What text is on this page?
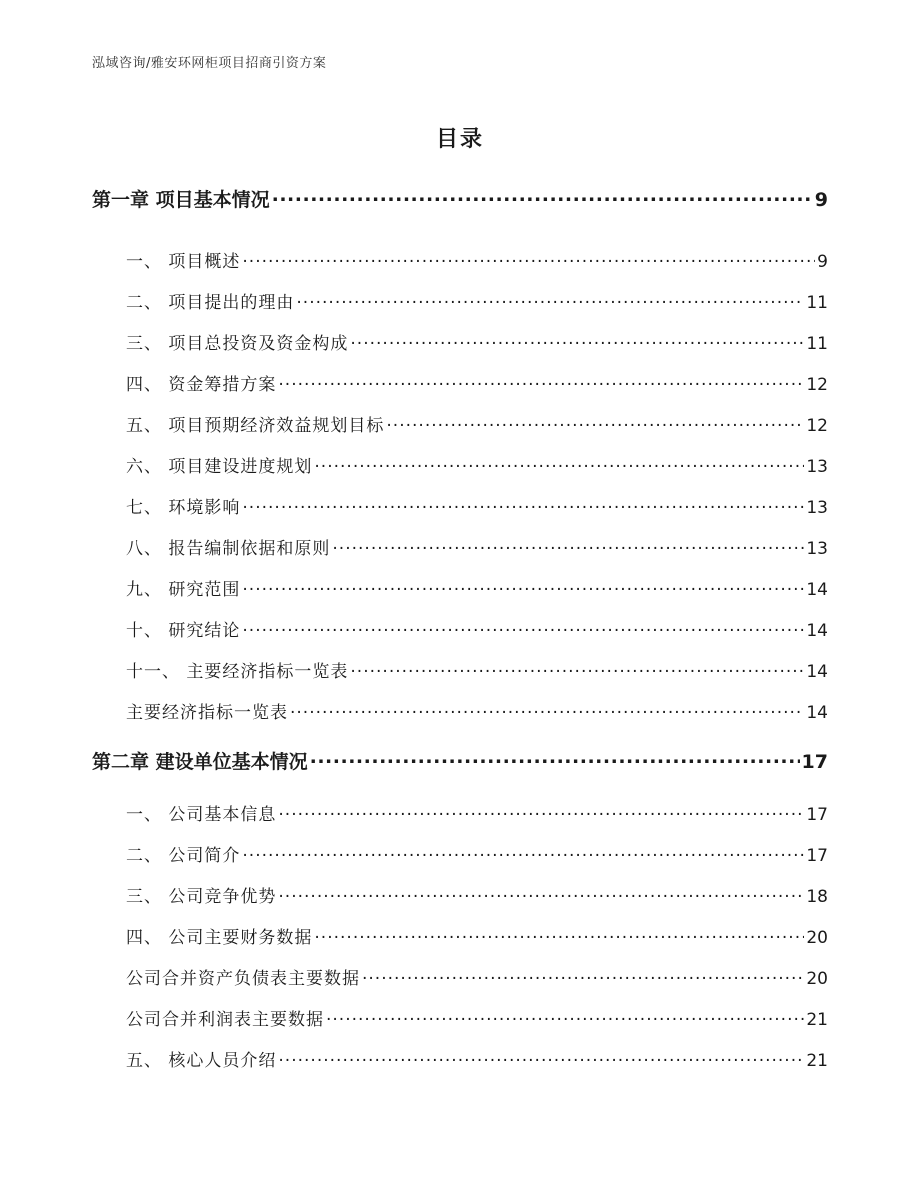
泓域咨询/雅安环网柜项目招商引资方案
目录
第一章 项目基本情况 .....	9
一、 项目概述 .....	9
二、 项目提出的理由 .....	11
三、 项目总投资及资金构成 .....	11
四、 资金筹措方案 .....	12
五、 项目预期经济效益规划目标 .....	12
六、 项目建设进度规划 .....	13
七、 环境影响 .....	13
八、 报告编制依据和原则 .....	13
九、 研究范围 .....	14
十、 研究结论 .....	14
十一、 主要经济指标一览表 .....	14
主要经济指标一览表 .....	14
第二章 建设单位基本情况 .....	17
一、 公司基本信息 .....	17
二、 公司简介 .....	17
三、 公司竞争优势 .....	18
四、 公司主要财务数据 .....	20
公司合并资产负债表主要数据 .....	20
公司合并利润表主要数据 .....	21
五、 核心人员介绍 .....	21
